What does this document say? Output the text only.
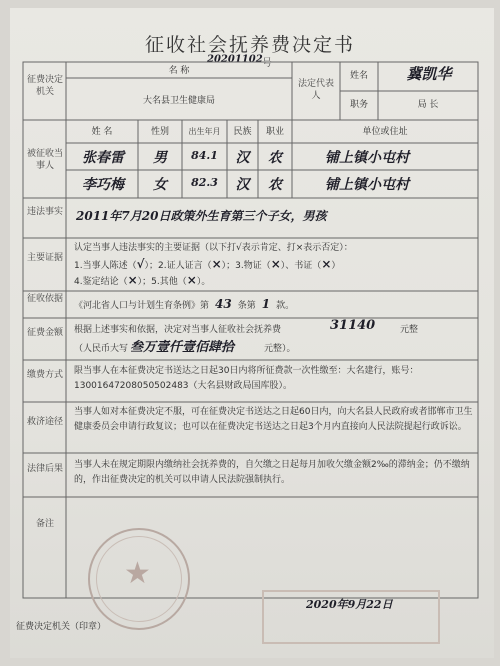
征收社会抚养费决定书
20201102 号
征费决定机关
名 称
大名县卫生健康局
法定代表人
姓名	冀凯华
职务	局 长
被征收当事人
姓 名	性别	出生年月	民族	职业	单位或住址
张春雷	男	84.1	汉	农	铺上镇小屯村
李巧梅	女	82.3	汉	农	铺上镇小屯村
违法事实 2011年7月20日政策外生育第三个子女，男孩
主要证据
认定当事人违法事实的主要证据（以下打√表示肯定、打×表示否定）：
1.当事人陈述（√）；2.证人证言（×）；3.物证（×）、书证（×）
4.鉴定结论（×）；5.其他（×）。
征收依据
《河北省人口与计划生育条例》第 43 条第 1 款。
征费金额 根据上述事实和依据，决定对当事人征收社会抚养费	31140	元整
（人民币大写 叁万壹仟壹佰肆拾	元整）。
缴费方式 限当事人在本征费决定书送达之日起30日内将所征费款一次性缴至：大名建行，账号：13001647208050502483（大名县财政局国库股）。
救济途径
当事人如对本征费决定不服，可在征费决定书送达之日起60日内，向大名县人民政府或者邯郸市卫生健康委员会申请行政复议；也可以在征费决定书送达之日起3个月内直接向人民法院提起行政诉讼。
法律后果 当事人未在规定期限内缴纳社会抚养费的，自欠缴之日起每月加收欠缴金额2‰的滞纳金；仍不缴纳的，作出征费决定的机关可以申请人民法院强制执行。
备注
★
征费决定机关（印章）
2020年9月22日
